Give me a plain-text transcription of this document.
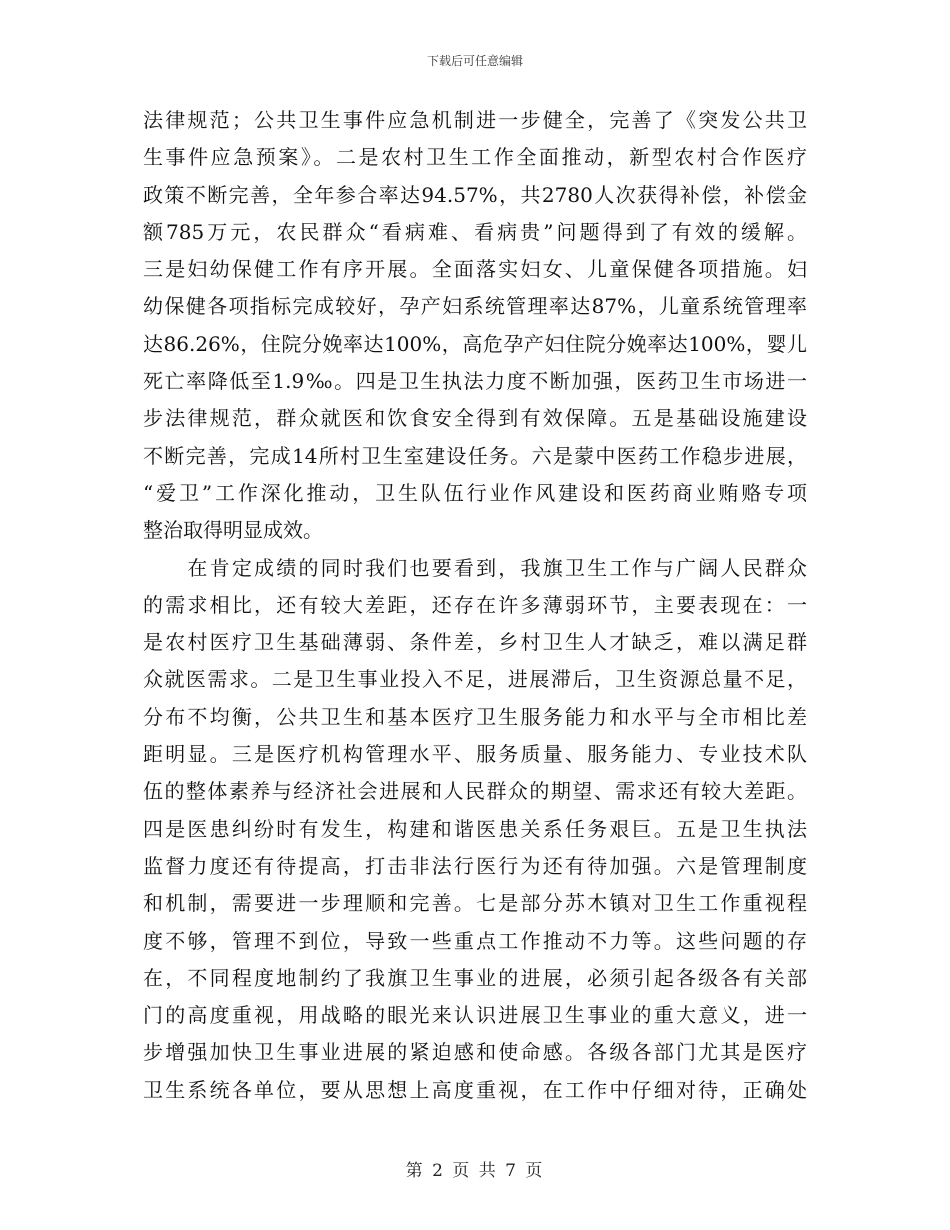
下载后可任意编辑
法律规范；公共卫生事件应急机制进一步健全，完善了《突发公共卫
生事件应急预案》。二是农村卫生工作全面推动，新型农村合作医疗
政策不断完善，全年参合率达94.57%，共2780人次获得补偿，补偿金
额785万元，农民群众“看病难、看病贵”问题得到了有效的缓解。
三是妇幼保健工作有序开展。全面落实妇女、儿童保健各项措施。妇
幼保健各项指标完成较好，孕产妇系统管理率达87%，儿童系统管理率
达86.26%，住院分娩率达100%，高危孕产妇住院分娩率达100%，婴儿
死亡率降低至1.9‰。四是卫生执法力度不断加强，医药卫生市场进一
步法律规范，群众就医和饮食安全得到有效保障。五是基础设施建设
不断完善，完成14所村卫生室建设任务。六是蒙中医药工作稳步进展，
“爱卫”工作深化推动，卫生队伍行业作风建设和医药商业贿赂专项
整治取得明显成效。
　　在肯定成绩的同时我们也要看到，我旗卫生工作与广阔人民群众
的需求相比，还有较大差距，还存在许多薄弱环节，主要表现在：一
是农村医疗卫生基础薄弱、条件差，乡村卫生人才缺乏，难以满足群
众就医需求。二是卫生事业投入不足，进展滞后，卫生资源总量不足，
分布不均衡，公共卫生和基本医疗卫生服务能力和水平与全市相比差
距明显。三是医疗机构管理水平、服务质量、服务能力、专业技术队
伍的整体素养与经济社会进展和人民群众的期望、需求还有较大差距。
四是医患纠纷时有发生，构建和谐医患关系任务艰巨。五是卫生执法
监督力度还有待提高，打击非法行医行为还有待加强。六是管理制度
和机制，需要进一步理顺和完善。七是部分苏木镇对卫生工作重视程
度不够，管理不到位，导致一些重点工作推动不力等。这些问题的存
在，不同程度地制约了我旗卫生事业的进展，必须引起各级各有关部
门的高度重视，用战略的眼光来认识进展卫生事业的重大意义，进一
步增强加快卫生事业进展的紧迫感和使命感。各级各部门尤其是医疗
卫生系统各单位，要从思想上高度重视，在工作中仔细对待，正确处
第 2 页 共 7 页
